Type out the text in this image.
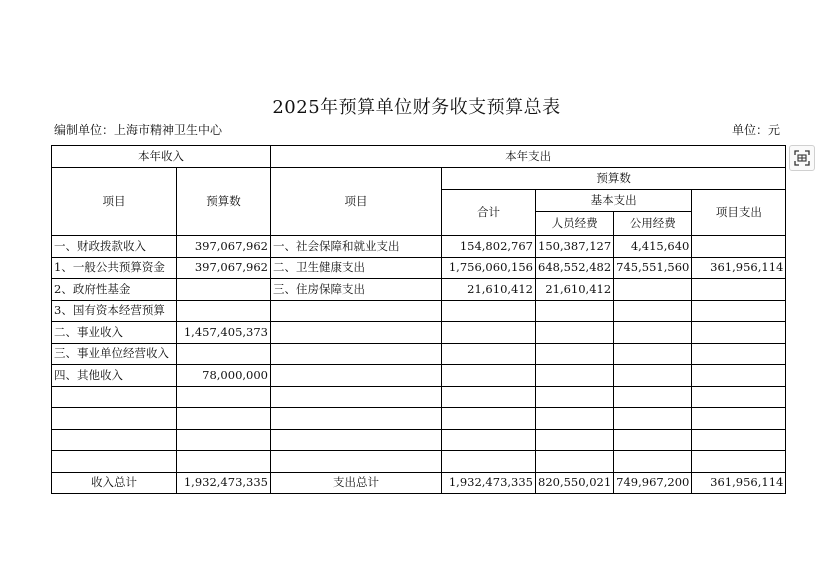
2025年预算单位财务收支预算总表
编制单位：上海市精神卫生中心	单位：元
本年收入		本年支出				
项目	预算数	项目	预算数			
			合计	基本支出		项目支出
				人员经费	公用经费	
一、财政拨款收入	397,067,962	一、社会保障和就业支出	154,802,767	150,387,127	4,415,640	
1、一般公共预算资金	397,067,962	二、卫生健康支出	1,756,060,156	648,552,482	745,551,560	361,956,114
2、政府性基金		三、住房保障支出	21,610,412	21,610,412		
3、国有资本经营预算						
二、事业收入	1,457,405,373					
三、事业单位经营收入						
四、其他收入	78,000,000					

收入总计	1,932,473,335	支出总计	1,932,473,335	820,550,021	749,967,200	361,956,114
